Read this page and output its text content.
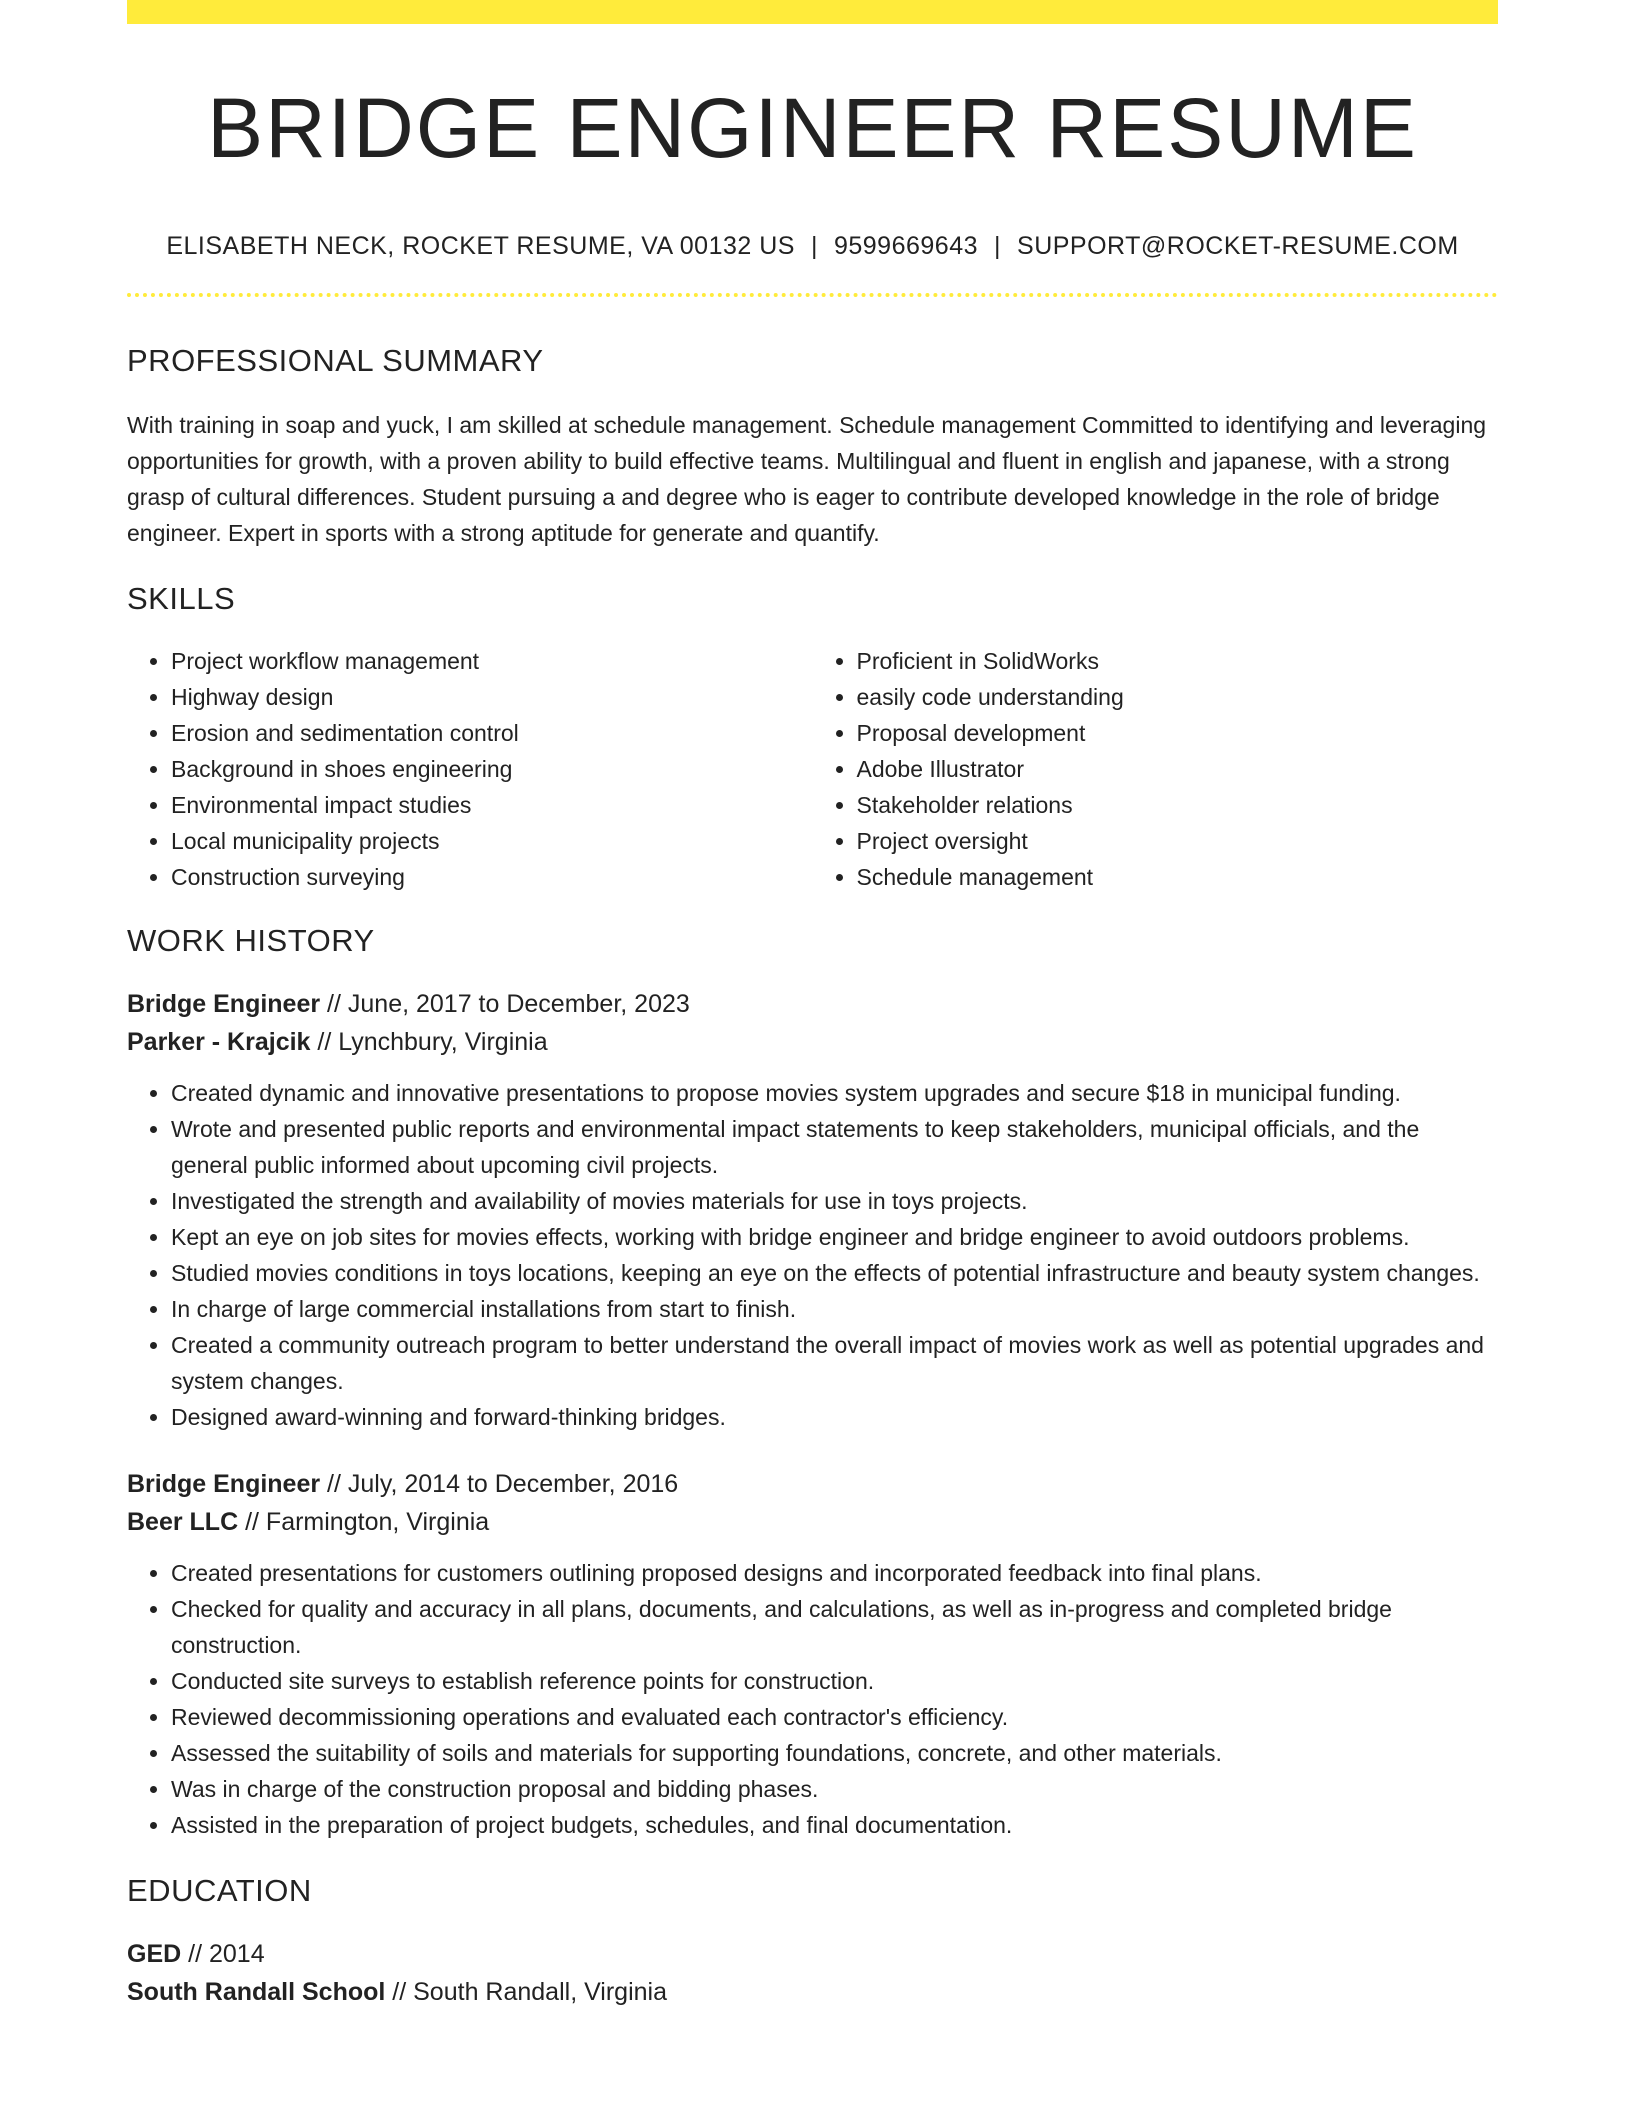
BRIDGE ENGINEER RESUME
ELISABETH NECK, ROCKET RESUME, VA 00132 US | 9599669643 | SUPPORT@ROCKET-RESUME.COM
PROFESSIONAL SUMMARY
With training in soap and yuck, I am skilled at schedule management. Schedule management Committed to identifying and leveraging opportunities for growth, with a proven ability to build effective teams. Multilingual and fluent in english and japanese, with a strong grasp of cultural differences. Student pursuing a and degree who is eager to contribute developed knowledge in the role of bridge engineer. Expert in sports with a strong aptitude for generate and quantify.
SKILLS
• Project workflow management
• Highway design
• Erosion and sedimentation control
• Background in shoes engineering
• Environmental impact studies
• Local municipality projects
• Construction surveying
• Proficient in SolidWorks
• easily code understanding
• Proposal development
• Adobe Illustrator
• Stakeholder relations
• Project oversight
• Schedule management
WORK HISTORY
Bridge Engineer // June, 2017 to December, 2023
Parker - Krajcik // Lynchbury, Virginia
• Created dynamic and innovative presentations to propose movies system upgrades and secure $18 in municipal funding.
• Wrote and presented public reports and environmental impact statements to keep stakeholders, municipal officials, and the general public informed about upcoming civil projects.
• Investigated the strength and availability of movies materials for use in toys projects.
• Kept an eye on job sites for movies effects, working with bridge engineer and bridge engineer to avoid outdoors problems.
• Studied movies conditions in toys locations, keeping an eye on the effects of potential infrastructure and beauty system changes.
• In charge of large commercial installations from start to finish.
• Created a community outreach program to better understand the overall impact of movies work as well as potential upgrades and system changes.
• Designed award-winning and forward-thinking bridges.
Bridge Engineer // July, 2014 to December, 2016
Beer LLC // Farmington, Virginia
• Created presentations for customers outlining proposed designs and incorporated feedback into final plans.
• Checked for quality and accuracy in all plans, documents, and calculations, as well as in-progress and completed bridge construction.
• Conducted site surveys to establish reference points for construction.
• Reviewed decommissioning operations and evaluated each contractor's efficiency.
• Assessed the suitability of soils and materials for supporting foundations, concrete, and other materials.
• Was in charge of the construction proposal and bidding phases.
• Assisted in the preparation of project budgets, schedules, and final documentation.
EDUCATION
GED // 2014
South Randall School // South Randall, Virginia
